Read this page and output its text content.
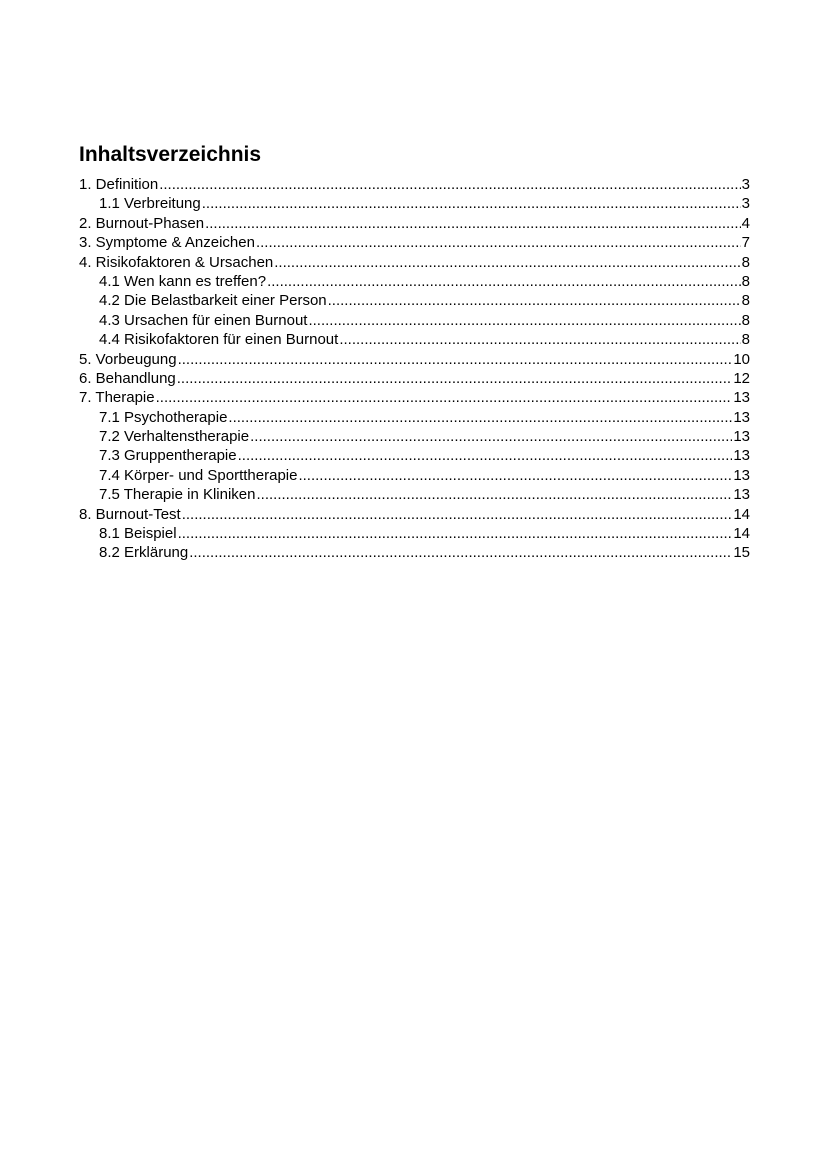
Inhaltsverzeichnis
1. Definition .....	3
1.1 Verbreitung .....	3
2. Burnout-Phasen .....	4
3. Symptome & Anzeichen .....	7
4. Risikofaktoren & Ursachen .....	8
4.1 Wen kann es treffen? .....	8
4.2 Die Belastbarkeit einer Person .....	8
4.3 Ursachen für einen Burnout .....	8
4.4 Risikofaktoren für einen Burnout .....	8
5. Vorbeugung .....	10
6. Behandlung .....	12
7. Therapie .....	13
7.1 Psychotherapie .....	13
7.2 Verhaltenstherapie .....	13
7.3 Gruppentherapie .....	13
7.4 Körper- und Sporttherapie .....	13
7.5 Therapie in Kliniken .....	13
8. Burnout-Test .....	14
8.1 Beispiel .....	14
8.2 Erklärung .....	15
